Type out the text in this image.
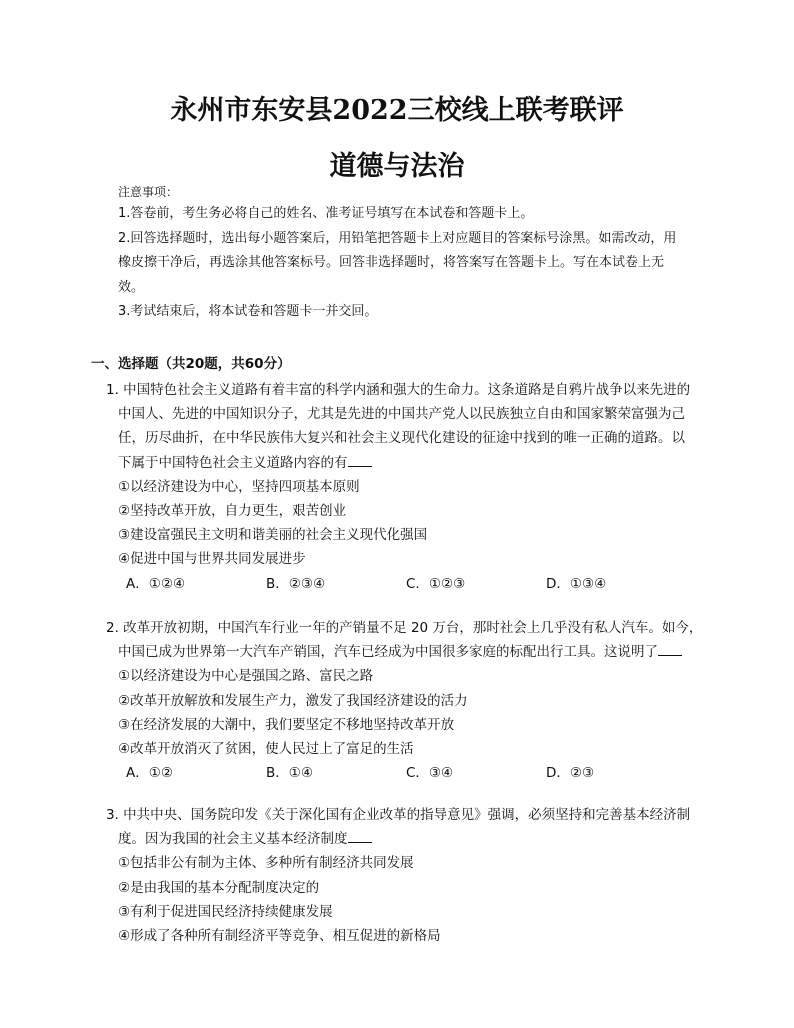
永州市东安县2022三校线上联考联评
道德与法治
注意事项：

1.答卷前，考生务必将自己的姓名、准考证号填写在本试卷和答题卡上。

2.回答选择题时，选出每小题答案后，用铅笔把答题卡上对应题目的答案标号涂黑。如需改动，用

橡皮擦干净后，再选涂其他答案标号。回答非选择题时，将答案写在答题卡上。写在本试卷上无

效。

3.考试结束后，将本试卷和答题卡一并交回。

一、选择题（共20题，共60分）

1. 中国特色社会主义道路有着丰富的科学内涵和强大的生命力。这条道路是自鸦片战争以来先进的

中国人、先进的中国知识分子，尤其是先进的中国共产党人以民族独立自由和国家繁荣富强为己

任，历尽曲折，在中华民族伟大复兴和社会主义现代化建设的征途中找到的唯一正确的道路。以

下属于中国特色社会主义道路内容的有

①以经济建设为中心，坚持四项基本原则

②坚持改革开放，自力更生，艰苦创业

③建设富强民主文明和谐美丽的社会主义现代化强国

④促进中国与世界共同发展进步

A．①②④	B．②③④	C．①②③	D．①③④

2. 改革开放初期，中国汽车行业一年的产销量不足 20 万台，那时社会上几乎没有私人汽车。如今，

中国已成为世界第一大汽车产销国，汽车已经成为中国很多家庭的标配出行工具。这说明了

①以经济建设为中心是强国之路、富民之路

②改革开放解放和发展生产力，激发了我国经济建设的活力

③在经济发展的大潮中，我们要坚定不移地坚持改革开放

④改革开放消灭了贫困，使人民过上了富足的生活

A．①②	B．①④	C．③④	D．②③

3. 中共中央、国务院印发《关于深化国有企业改革的指导意见》强调，必须坚持和完善基本经济制

度。因为我国的社会主义基本经济制度

①包括非公有制为主体、多种所有制经济共同发展

②是由我国的基本分配制度决定的

③有利于促进国民经济持续健康发展

④形成了各种所有制经济平等竞争、相互促进的新格局
